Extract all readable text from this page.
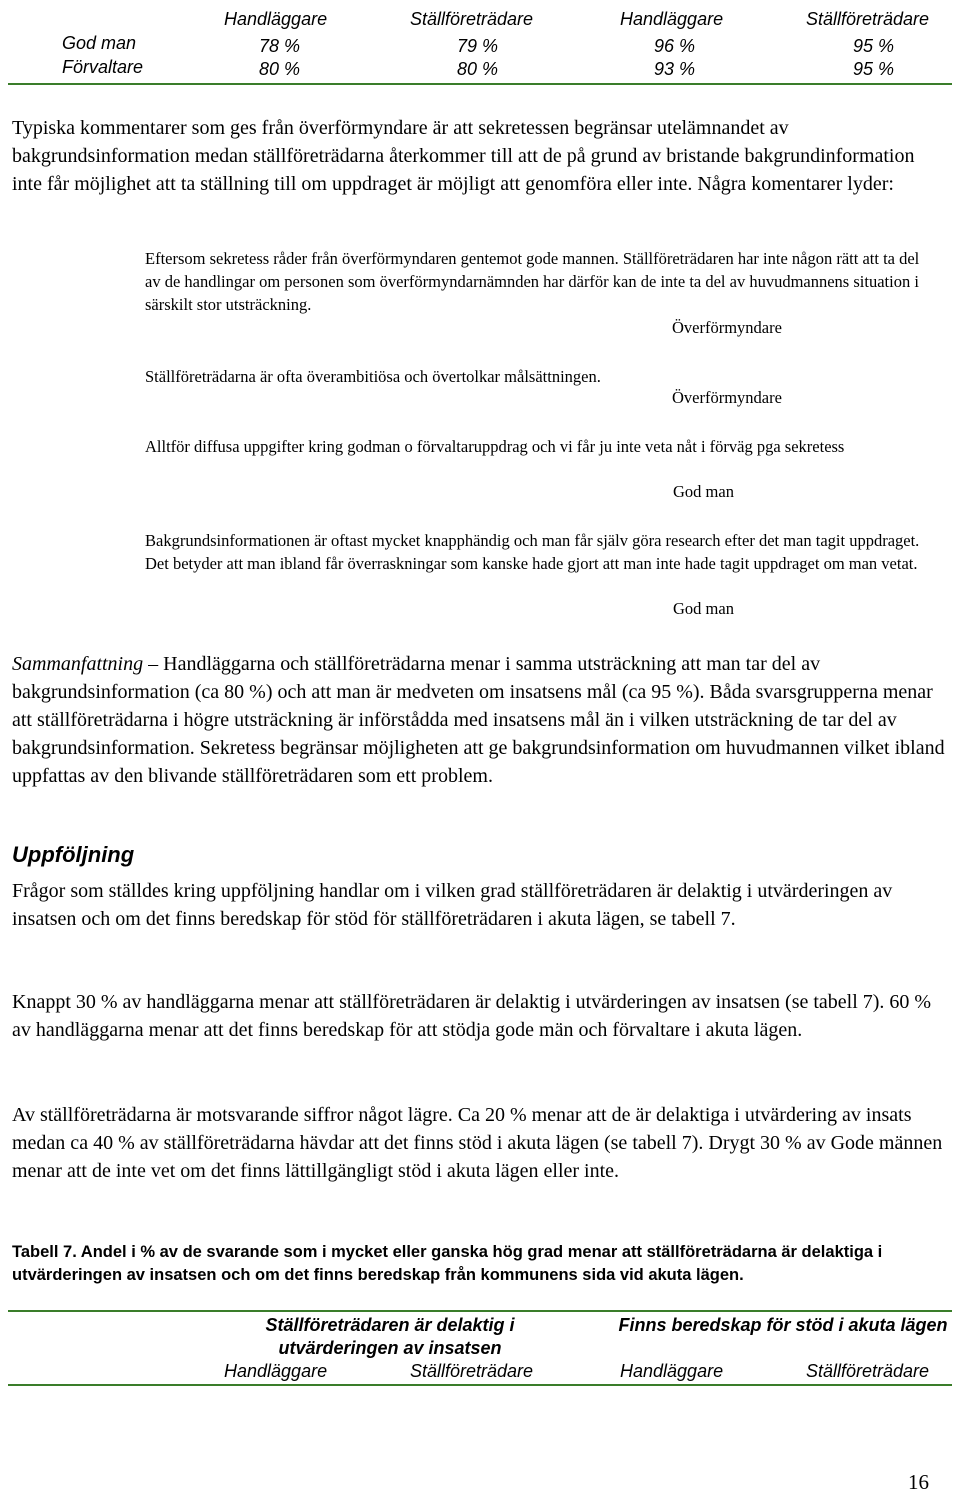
Handläggare	Ställföreträdare	Handläggare	Ställföreträdare
God man	78 %	79 %	96 %	95 %
Förvaltare	80 %	80 %	93 %	95 %

Typiska kommentarer som ges från överförmyndare är att sekretessen begränsar utelämnandet av bakgrundsinformation medan ställföreträdarna återkommer till att de på grund av bristande bakgrundinformation inte får möjlighet att ta ställning till om uppdraget är möjligt att genomföra eller inte. Några komentarer lyder:

Eftersom sekretess råder från överförmyndaren gentemot gode mannen. Ställföreträdaren har inte någon rätt att ta del av de handlingar om personen som överförmyndarnämnden har därför kan de inte ta del av huvudmannens situation i särskilt stor utsträckning.
Överförmyndare
Ställföreträdarna är ofta överambitiösa och övertolkar målsättningen.
Överförmyndare
Alltför diffusa uppgifter kring godman o förvaltaruppdrag och vi får ju inte veta nåt i förväg pga sekretess
God man
Bakgrundsinformationen är oftast mycket knapphändig och man får själv göra research efter det man tagit uppdraget. Det betyder att man ibland får överraskningar som kanske hade gjort att man inte hade tagit uppdraget om man vetat.
God man

Sammanfattning – Handläggarna och ställföreträdarna menar i samma utsträckning att man tar del av bakgrundsinformation (ca 80 %) och att man är medveten om insatsens mål (ca 95 %). Båda svarsgrupperna menar att ställföreträdarna i högre utsträckning är införstådda med insatsens mål än i vilken utsträckning de tar del av bakgrundsinformation. Sekretess begränsar möjligheten att ge bakgrundsinformation om huvudmannen vilket ibland uppfattas av den blivande ställföreträdaren som ett problem.

Uppföljning

Frågor som ställdes kring uppföljning handlar om i vilken grad ställföreträdaren är delaktig i utvärderingen av insatsen och om det finns beredskap för stöd för ställföreträdaren i akuta lägen, se tabell 7.

Knappt 30 % av handläggarna menar att ställföreträdaren är delaktig i utvärderingen av insatsen (se tabell 7). 60 % av handläggarna menar att det finns beredskap för att stödja gode män och förvaltare i akuta lägen.

Av ställföreträdarna är motsvarande siffror något lägre. Ca 20 % menar att de är delaktiga i utvärdering av insats medan ca 40 % av ställföreträdarna hävdar att det finns stöd i akuta lägen (se tabell 7). Drygt 30 % av Gode männen menar att de inte vet om det finns lättillgängligt stöd i akuta lägen eller inte.

Tabell 7. Andel i % av de svarande som i mycket eller ganska hög grad menar att ställföreträdarna är delaktiga i utvärderingen av insatsen och om det finns beredskap från kommunens sida vid akuta lägen.
Ställföreträdaren är delaktig i utvärderingen av insatsen
Finns beredskap för stöd i akuta lägen
Handläggare	Ställföreträdare	Handläggare	Ställföreträdare
16
